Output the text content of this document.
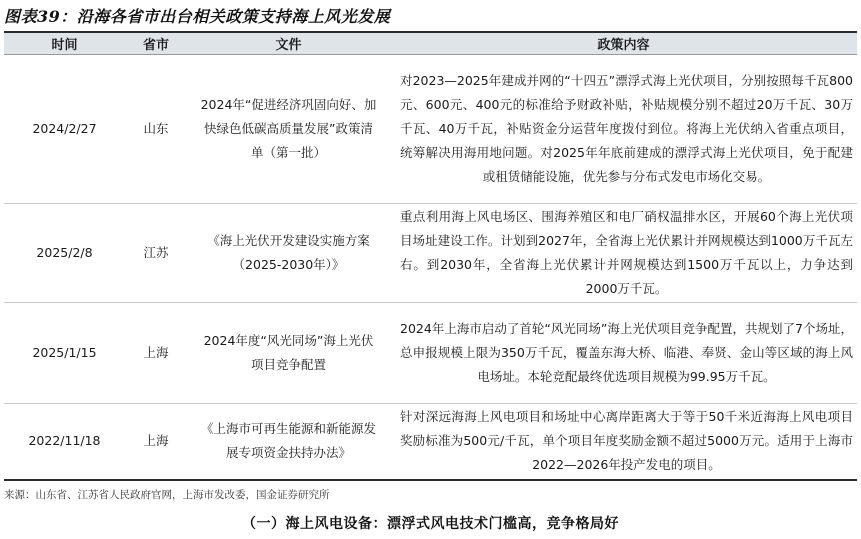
图表39：沿海各省市出台相关政策支持海上风光发展
时间	省市	文件	政策内容
2024/2/27	山东	2024年“促进经济巩固向好、加快绿色低碳高质量发展”政策清单（第一批）	对2023—2025年建成并网的“十四五”漂浮式海上光伏项目，分别按照每千瓦800元、600元、400元的标准给予财政补贴，补贴规模分别不超过20万千瓦、30万千瓦、40万千瓦，补贴资金分运营年度拨付到位。将海上光伏纳入省重点项目，统筹解决用海用地问题。对2025年年底前建成的漂浮式海上光伏项目，免于配建或租赁储能设施，优先参与分布式发电市场化交易。
2025/2/8	江苏	《海上光伏开发建设实施方案（2025-2030年）》	重点利用海上风电场区、围海养殖区和电厂硝权温排水区，开展60个海上光伏项目场址建设工作。计划到2027年，全省海上光伏累计并网规模达到1000万千瓦左右。到2030年，全省海上光伏累计并网规模达到1500万千瓦以上，力争达到2000万千瓦。
2025/1/15	上海	2024年度“风光同场”海上光伏项目竞争配置	2024年上海市启动了首轮“风光同场”海上光伏项目竞争配置，共规划了7个场址，总申报规模上限为350万千瓦，覆盖东海大桥、临港、奉贤、金山等区域的海上风电场址。本轮竞配最终优选项目规模为99.95万千瓦。
2022/11/18	上海	《上海市可再生能源和新能源发展专项资金扶持办法》	针对深远海海上风电项目和场址中心离岸距离大于等于50千米近海海上风电项目奖励标准为500元/千瓦，单个项目年度奖励金额不超过5000万元。适用于上海市2022—2026年投产发电的项目。
来源：山东省、江苏省人民政府官网，上海市发改委，国金证券研究所
（一）海上风电设备：漂浮式风电技术门槛高，竞争格局好
